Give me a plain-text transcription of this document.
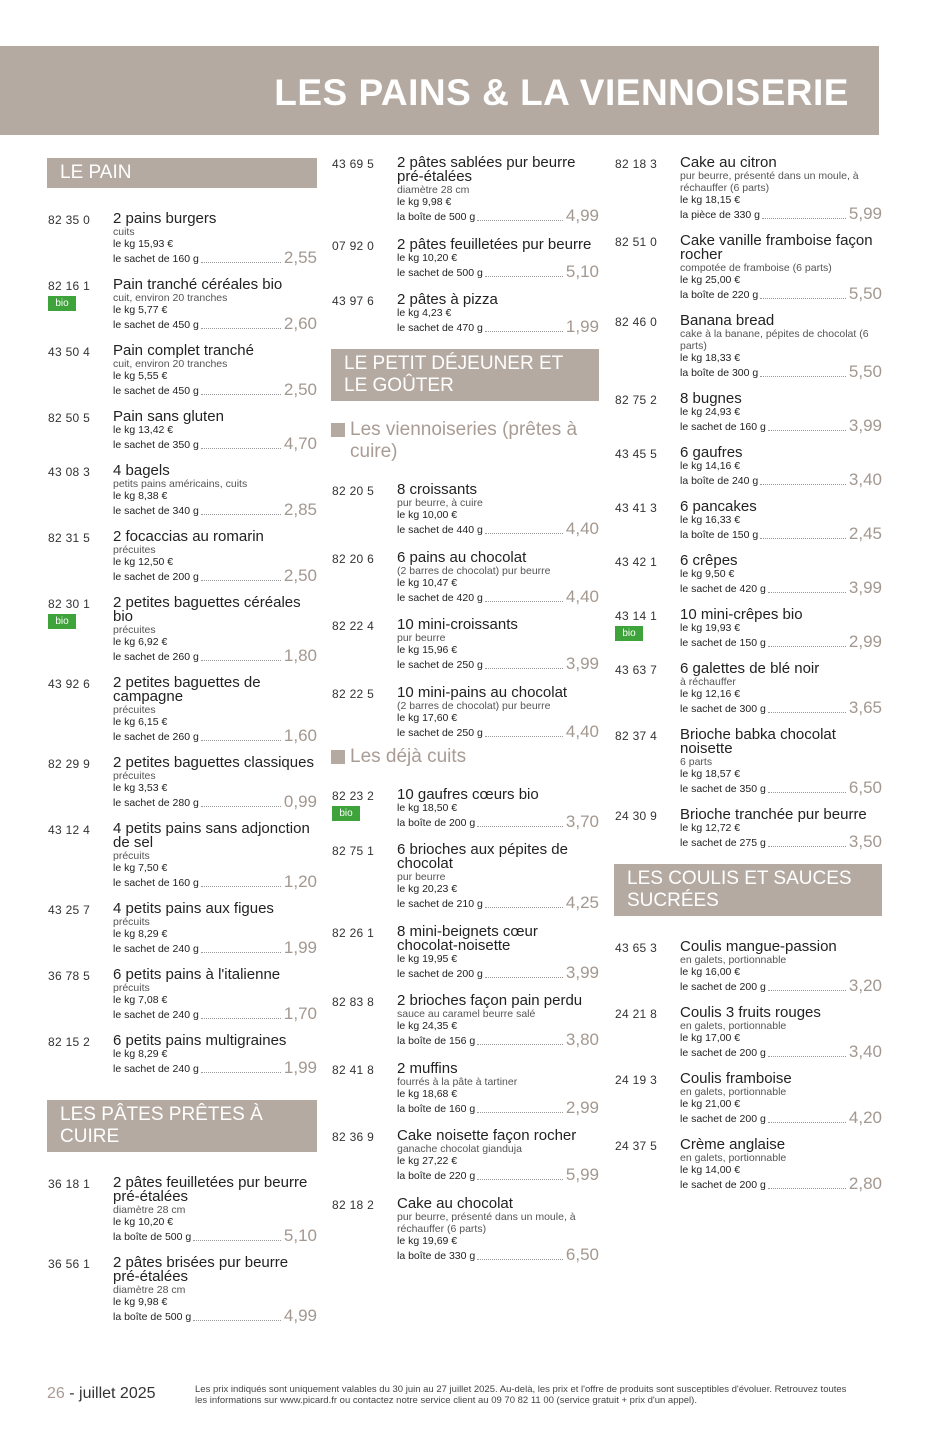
LES PAINS & LA VIENNOISERIE
LE PAIN
82 35 0 2 pains burgers
cuits
le kg 15,93 €
le sachet de 160 g	2,55
82 16 1
bio
Pain tranché céréales bio
cuit, environ 20 tranches
le kg 5,77 €
le sachet de 450 g	2,60
43 50 4 Pain complet tranché
cuit, environ 20 tranches
le kg 5,55 €
le sachet de 450 g	2,50
82 50 5 Pain sans gluten
le kg 13,42 €
le sachet de 350 g	4,70
43 08 3 4 bagels
petits pains américains, cuits
le kg 8,38 €
le sachet de 340 g	2,85
82 31 5 2 focaccias au romarin
précuites
le kg 12,50 €
le sachet de 200 g	2,50
82 30 1
bio
2 petites baguettes céréales bio
précuites
le kg 6,92 €
le sachet de 260 g	1,80
43 92 6 2 petites baguettes de campagne
précuites
le kg 6,15 €
le sachet de 260 g	1,60
82 29 9 2 petites baguettes classiques
précuites
le kg 3,53 €
le sachet de 280 g	0,99
43 12 4 4 petits pains sans adjonction de sel
précuits
le kg 7,50 €
le sachet de 160 g	1,20
43 25 7 4 petits pains aux figues
précuits
le kg 8,29 €
le sachet de 240 g	1,99
36 78 5 6 petits pains à l'italienne
précuits
le kg 7,08 €
le sachet de 240 g	1,70
82 15 2 6 petits pains multigraines
le kg 8,29 €
le sachet de 240 g	1,99
LES PÂTES PRÊTES À CUIRE
36 18 1 2 pâtes feuilletées pur beurre pré-étalées
diamètre 28 cm
le kg 10,20 €
la boîte de 500 g	5,10
36 56 1 2 pâtes brisées pur beurre pré-étalées
diamètre 28 cm
le kg 9,98 €
la boîte de 500 g	4,99
43 69 5 2 pâtes sablées pur beurre pré-étalées
diamètre 28 cm
le kg 9,98 €
la boîte de 500 g	4,99
07 92 0 2 pâtes feuilletées pur beurre
le kg 10,20 €
le sachet de 500 g	5,10
43 97 6 2 pâtes à pizza
le kg 4,23 €
le sachet de 470 g	1,99
LE PETIT DÉJEUNER ET LE GOÛTER
Les viennoiseries (prêtes à cuire)
82 20 5 8 croissants
pur beurre, à cuire
le kg 10,00 €
le sachet de 440 g	4,40
82 20 6 6 pains au chocolat
(2 barres de chocolat) pur beurre
le kg 10,47 €
le sachet de 420 g	4,40
82 22 4 10 mini-croissants
pur beurre
le kg 15,96 €
le sachet de 250 g	3,99
82 22 5 10 mini-pains au chocolat
(2 barres de chocolat) pur beurre
le kg 17,60 €
le sachet de 250 g	4,40
Les déjà cuits
82 23 2
bio
10 gaufres cœurs bio
le kg 18,50 €
la boîte de 200 g	3,70
82 75 1 6 brioches aux pépites de chocolat
pur beurre
le kg 20,23 €
le sachet de 210 g	4,25
82 26 1 8 mini-beignets cœur chocolat-noisette
le kg 19,95 €
le sachet de 200 g	3,99
82 83 8 2 brioches façon pain perdu
sauce au caramel beurre salé
le kg 24,35 €
la boîte de 156 g	3,80
82 41 8 2 muffins
fourrés à la pâte à tartiner
le kg 18,68 €
la boîte de 160 g	2,99
82 36 9 Cake noisette façon rocher
ganache chocolat gianduja
le kg 27,22 €
la boîte de 220 g	5,99
82 18 2 Cake au chocolat
pur beurre, présenté dans un moule, à réchauffer (6 parts)
le kg 19,69 €
la boîte de 330 g	6,50
82 18 3 Cake au citron
pur beurre, présenté dans un moule, à réchauffer (6 parts)
le kg 18,15 €
la pièce de 330 g	5,99
82 51 0 Cake vanille framboise façon rocher
compotée de framboise (6 parts)
le kg 25,00 €
la boîte de 220 g	5,50
82 46 0 Banana bread
cake à la banane, pépites de chocolat (6 parts)
le kg 18,33 €
la boîte de 300 g	5,50
82 75 2 8 bugnes
le kg 24,93 €
le sachet de 160 g	3,99
43 45 5 6 gaufres
le kg 14,16 €
la boîte de 240 g	3,40
43 41 3 6 pancakes
le kg 16,33 €
la boîte de 150 g	2,45
43 42 1 6 crêpes
le kg 9,50 €
le sachet de 420 g	3,99
43 14 1
bio
10 mini-crêpes bio
le kg 19,93 €
le sachet de 150 g	2,99
43 63 7 6 galettes de blé noir
à réchauffer
le kg 12,16 €
le sachet de 300 g	3,65
82 37 4 Brioche babka chocolat noisette
6 parts
le kg 18,57 €
le sachet de 350 g	6,50
24 30 9 Brioche tranchée pur beurre
le kg 12,72 €
le sachet de 275 g	3,50
LES COULIS ET SAUCES SUCRÉES
43 65 3 Coulis mangue-passion
en galets, portionnable
le kg 16,00 €
le sachet de 200 g	3,20
24 21 8 Coulis 3 fruits rouges
en galets, portionnable
le kg 17,00 €
le sachet de 200 g	3,40
24 19 3 Coulis framboise
en galets, portionnable
le kg 21,00 €
le sachet de 200 g	4,20
24 37 5 Crème anglaise
en galets, portionnable
le kg 14,00 €
le sachet de 200 g	2,80
26 - juillet 2025	Les prix indiqués sont uniquement valables du 30 juin au 27 juillet 2025. Au-delà, les prix et l'offre de produits sont susceptibles d'évoluer. Retrouvez toutes les informations sur www.picard.fr ou contactez notre service client au 09 70 82 11 00 (service gratuit + prix d'un appel).
